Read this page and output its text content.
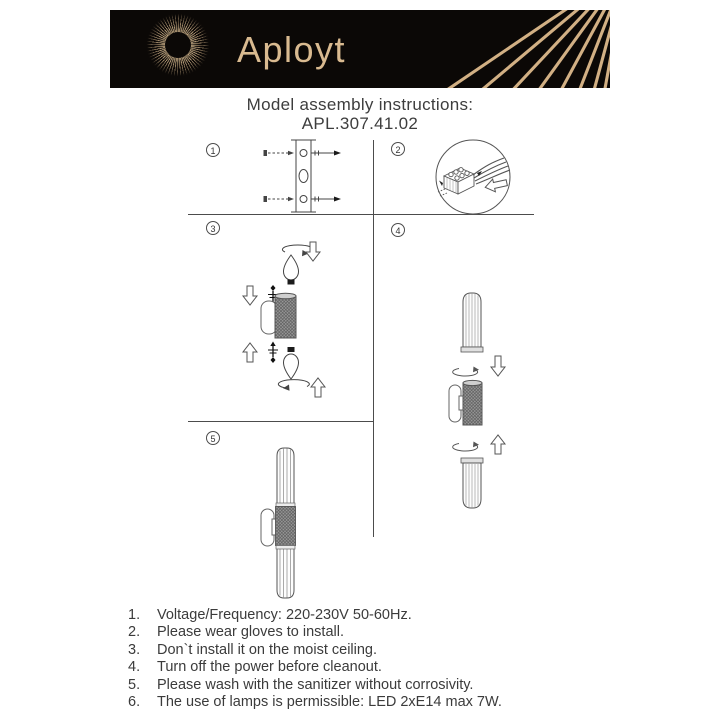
Aployt
Model assembly instructions:
APL.307.41.02
1	2
3	4
5
1. Voltage/Frequency: 220-230V 50-60Hz.
2. Please wear gloves to install.
3. Don`t install it on the moist ceiling.
4. Turn off the power before cleanout.
5. Please wash with the sanitizer without corrosivity.
6. The use of lamps is permissible: LED 2xE14 max 7W.
